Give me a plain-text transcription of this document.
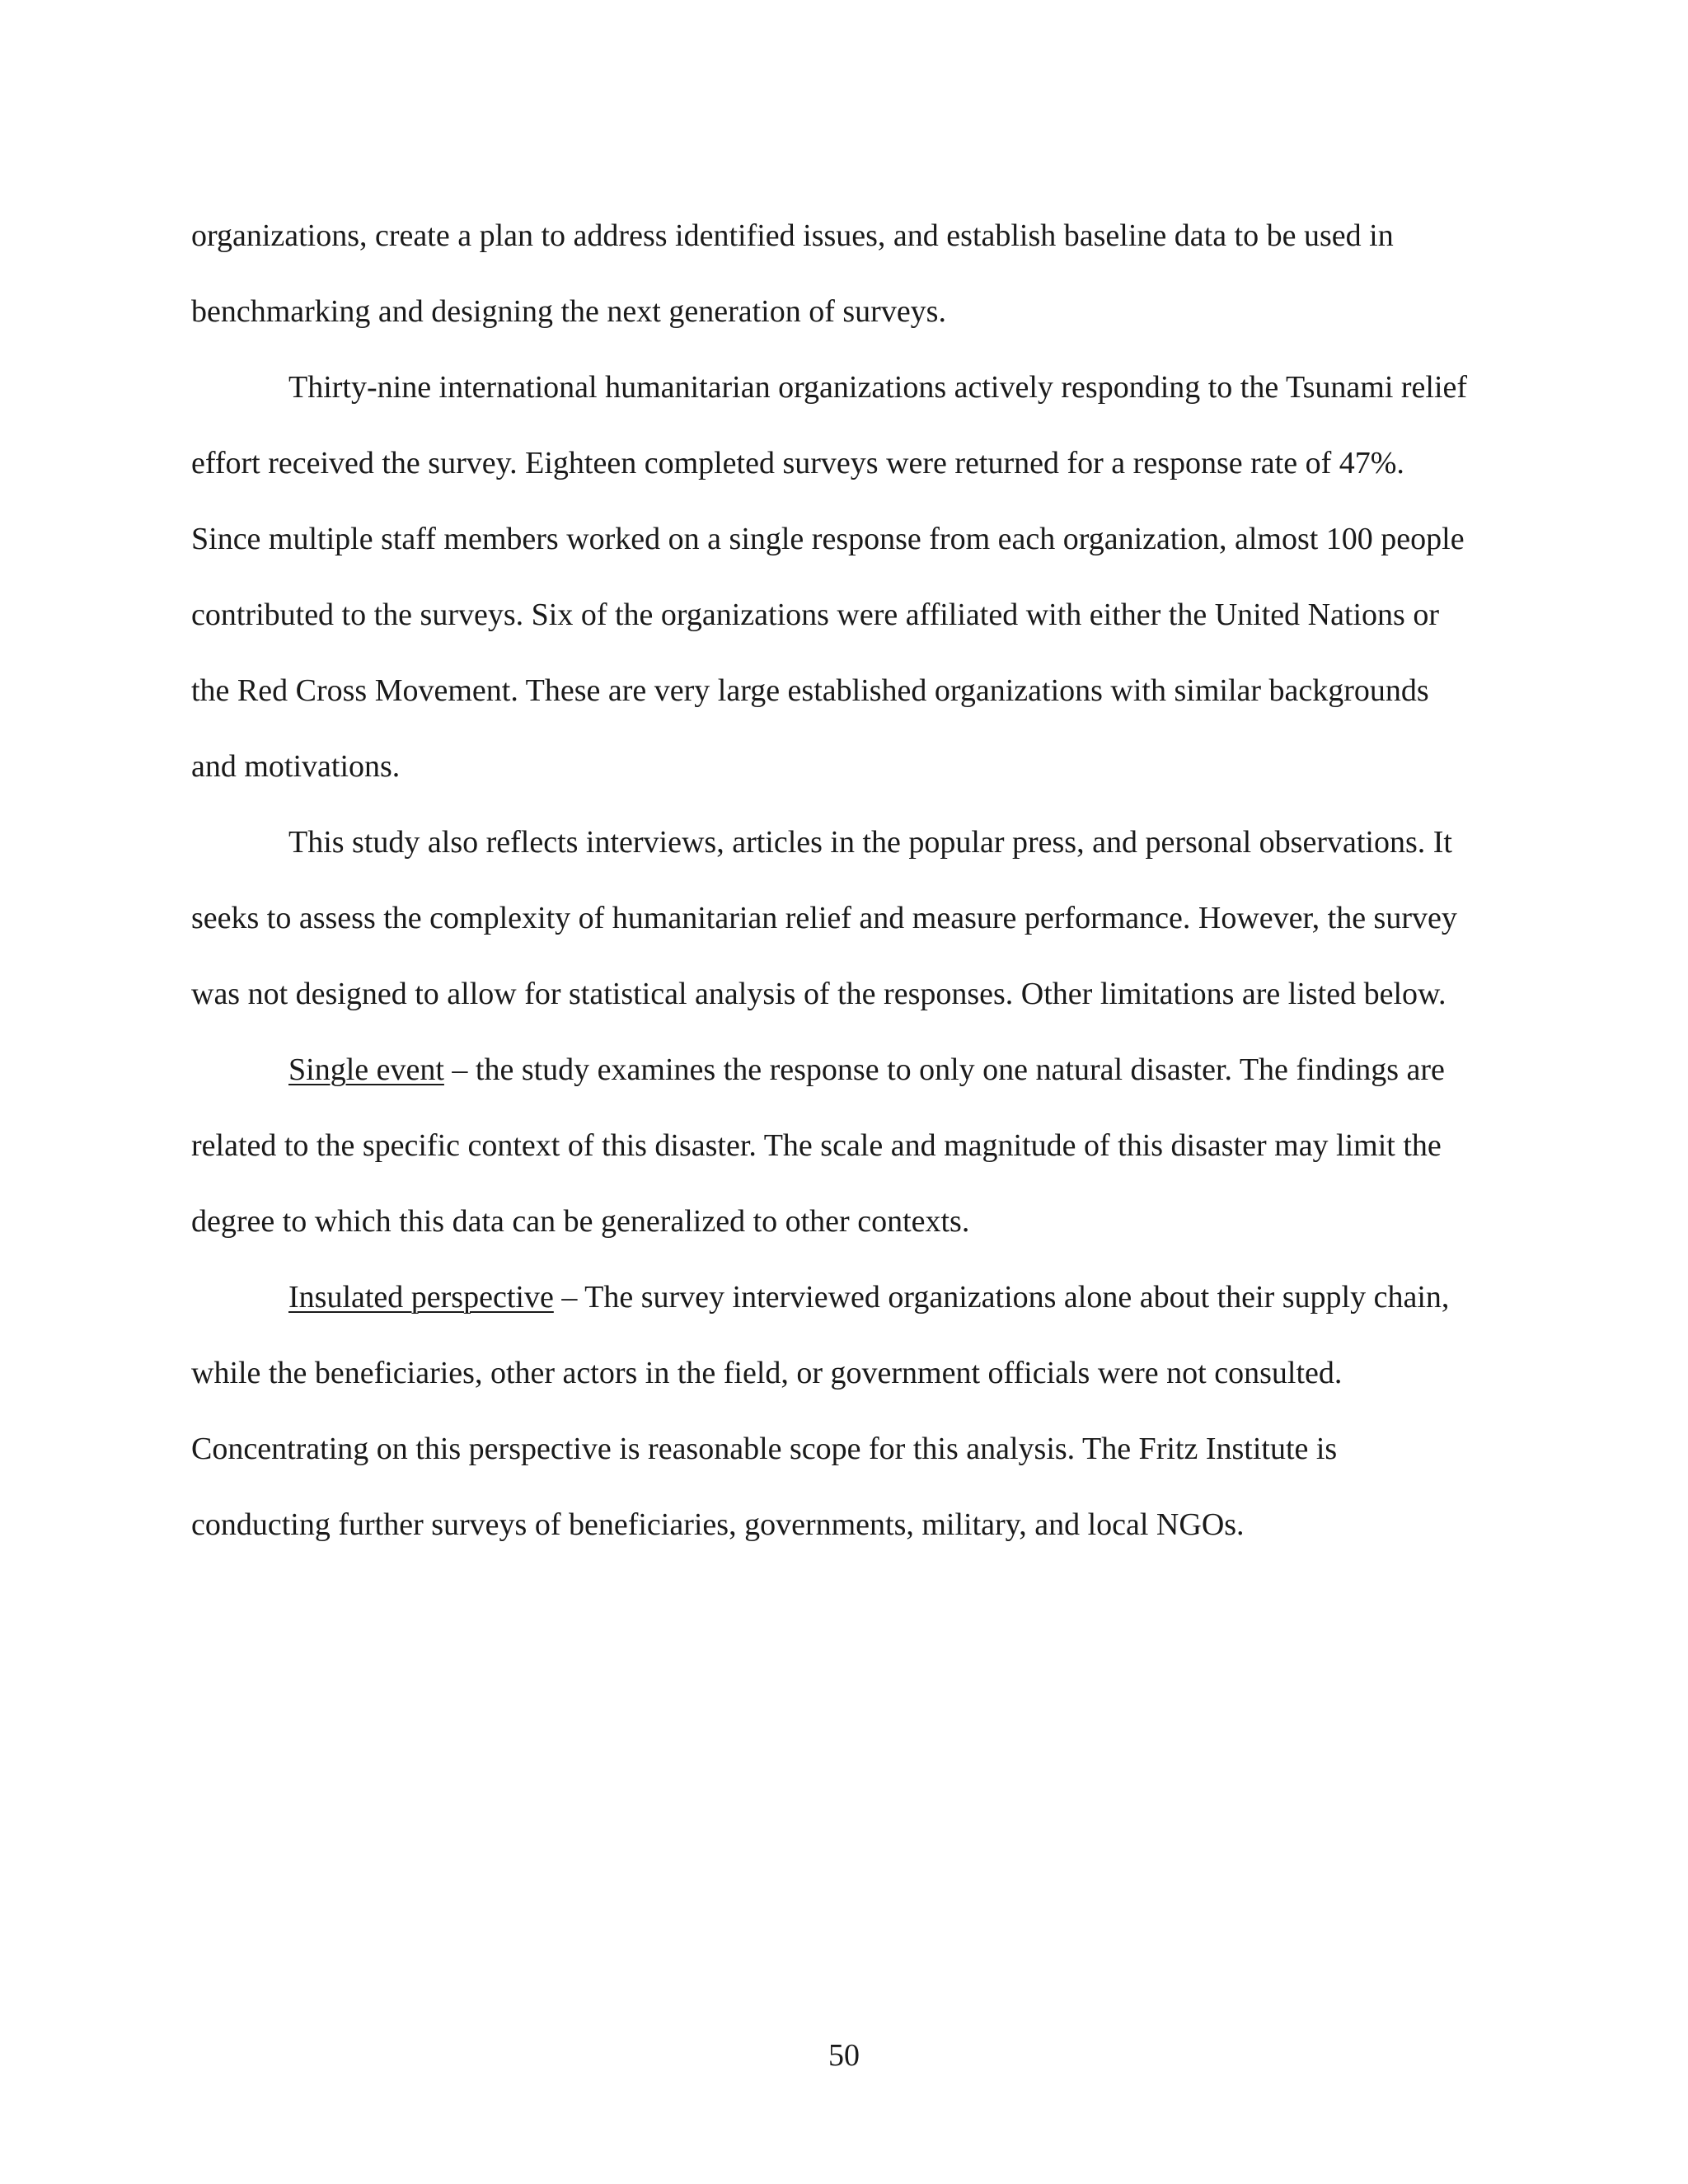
organizations, create a plan to address identified issues, and establish baseline data to be used in benchmarking and designing the next generation of surveys.

Thirty-nine international humanitarian organizations actively responding to the Tsunami relief effort received the survey. Eighteen completed surveys were returned for a response rate of 47%. Since multiple staff members worked on a single response from each organization, almost 100 people contributed to the surveys. Six of the organizations were affiliated with either the United Nations or the Red Cross Movement. These are very large established organizations with similar backgrounds and motivations.

This study also reflects interviews, articles in the popular press, and personal observations. It seeks to assess the complexity of humanitarian relief and measure performance. However, the survey was not designed to allow for statistical analysis of the responses. Other limitations are listed below.

Single event – the study examines the response to only one natural disaster. The findings are related to the specific context of this disaster. The scale and magnitude of this disaster may limit the degree to which this data can be generalized to other contexts.

Insulated perspective – The survey interviewed organizations alone about their supply chain, while the beneficiaries, other actors in the field, or government officials were not consulted. Concentrating on this perspective is reasonable scope for this analysis. The Fritz Institute is conducting further surveys of beneficiaries, governments, military, and local NGOs.

50
